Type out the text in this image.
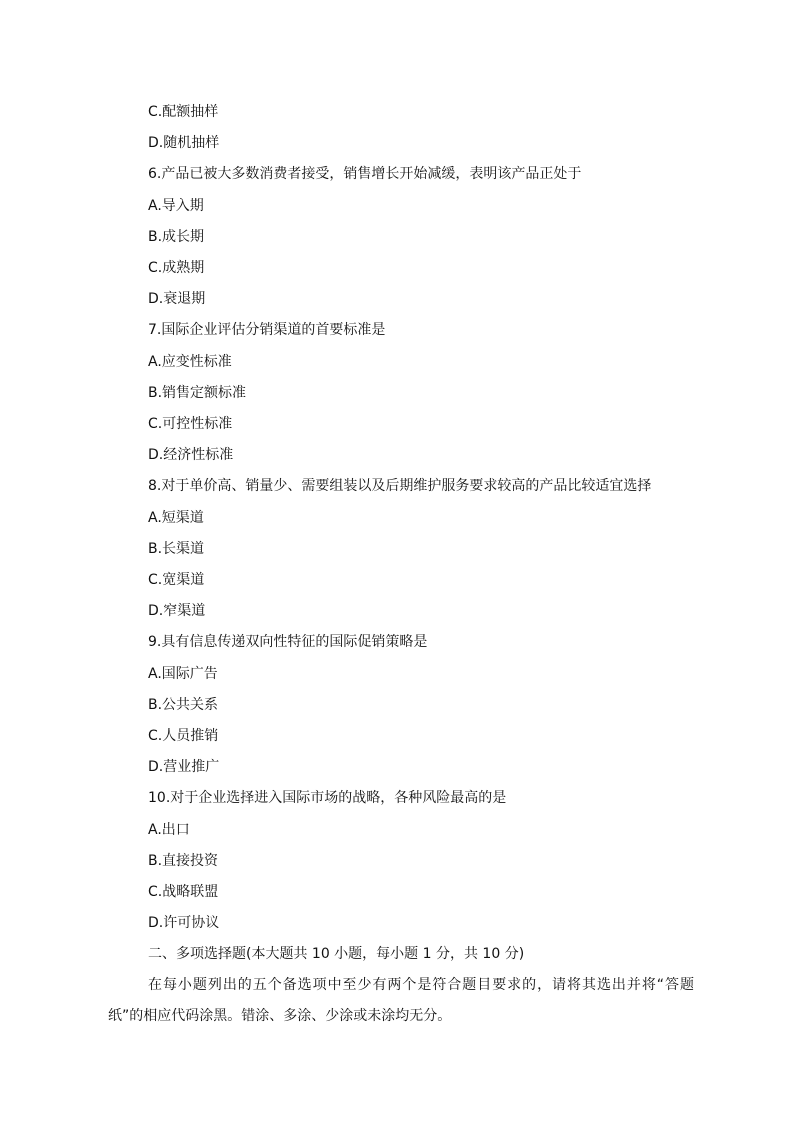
C.配额抽样
D.随机抽样
6.产品已被大多数消费者接受，销售增长开始减缓，表明该产品正处于
A.导入期
B.成长期
C.成熟期
D.衰退期
7.国际企业评估分销渠道的首要标准是
A.应变性标准
B.销售定额标准
C.可控性标准
D.经济性标准
8.对于单价高、销量少、需要组装以及后期维护服务要求较高的产品比较适宜选择
A.短渠道
B.长渠道
C.宽渠道
D.窄渠道
9.具有信息传递双向性特征的国际促销策略是
A.国际广告
B.公共关系
C.人员推销
D.营业推广
10.对于企业选择进入国际市场的战略，各种风险最高的是
A.出口
B.直接投资
C.战略联盟
D.许可协议
二、多项选择题(本大题共 10 小题，每小题 1 分，共 10 分)
在每小题列出的五个备选项中至少有两个是符合题目要求的，请将其选出并将“答题纸”的相应代码涂黑。错涂、多涂、少涂或未涂均无分。
